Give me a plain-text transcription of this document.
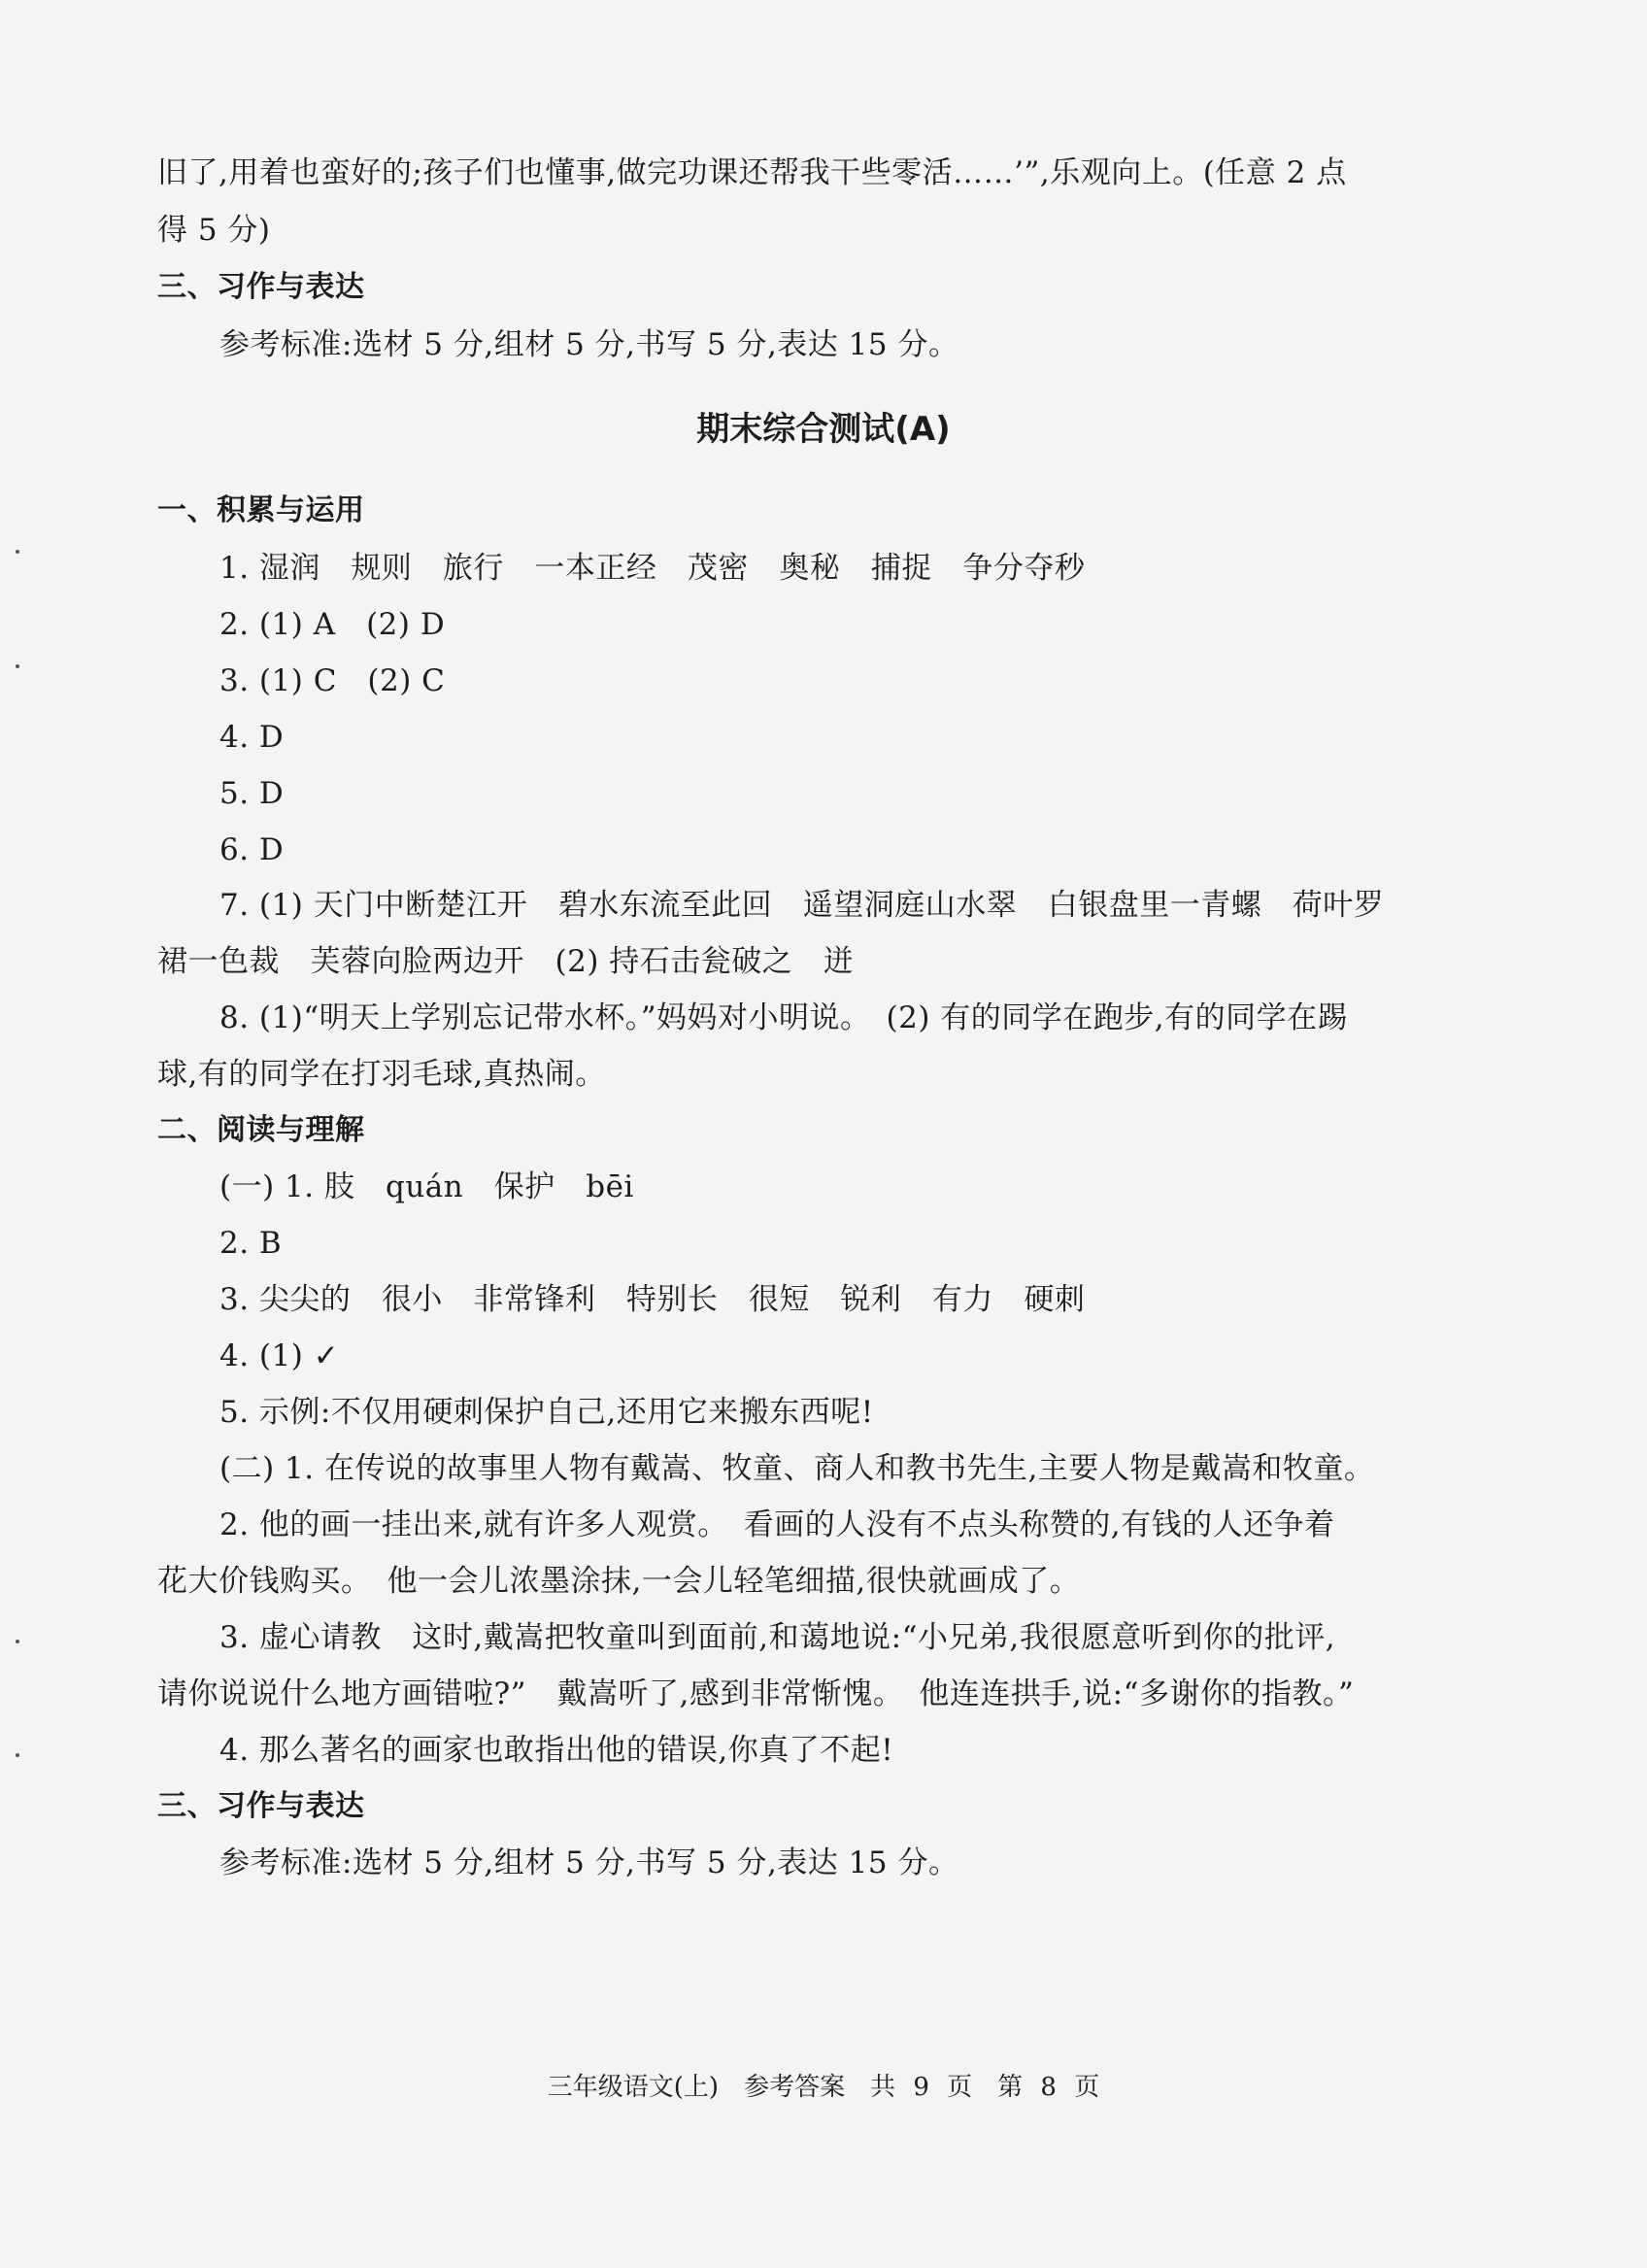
旧了,用着也蛮好的;孩子们也懂事,做完功课还帮我干些零活……’”,乐观向上。(任意 2 点
得 5 分)
三、习作与表达
参考标准:选材 5 分,组材 5 分,书写 5 分,表达 15 分。
期末综合测试(A)
一、积累与运用
1. 湿润　规则　旅行　一本正经　茂密　奥秘　捕捉　争分夺秒
2. (1) A　(2) D
3. (1) C　(2) C
4. D
5. D
6. D
7. (1) 天门中断楚江开　碧水东流至此回　遥望洞庭山水翠　白银盘里一青螺　荷叶罗
裙一色裁　芙蓉向脸两边开　(2) 持石击瓮破之　迸
8. (1)“明天上学别忘记带水杯。”妈妈对小明说。　(2) 有的同学在跑步,有的同学在踢
球,有的同学在打羽毛球,真热闹。
二、阅读与理解
(一) 1. 肢　quán　保护　bēi
2. B
3. 尖尖的　很小　非常锋利　特别长　很短　锐利　有力　硬刺
4. (1) ✓
5. 示例:不仅用硬刺保护自己,还用它来搬东西呢!
(二) 1. 在传说的故事里人物有戴嵩、牧童、商人和教书先生,主要人物是戴嵩和牧童。
2. 他的画一挂出来,就有许多人观赏。　看画的人没有不点头称赞的,有钱的人还争着
花大价钱购买。　他一会儿浓墨涂抹,一会儿轻笔细描,很快就画成了。
3. 虚心请教　这时,戴嵩把牧童叫到面前,和蔼地说:“小兄弟,我很愿意听到你的批评,
请你说说什么地方画错啦?”　戴嵩听了,感到非常惭愧。　他连连拱手,说:“多谢你的指教。”
4. 那么著名的画家也敢指出他的错误,你真了不起!
三、习作与表达
参考标准:选材 5 分,组材 5 分,书写 5 分,表达 15 分。
三年级语文(上)　参考答案　共 9 页　第 8 页
